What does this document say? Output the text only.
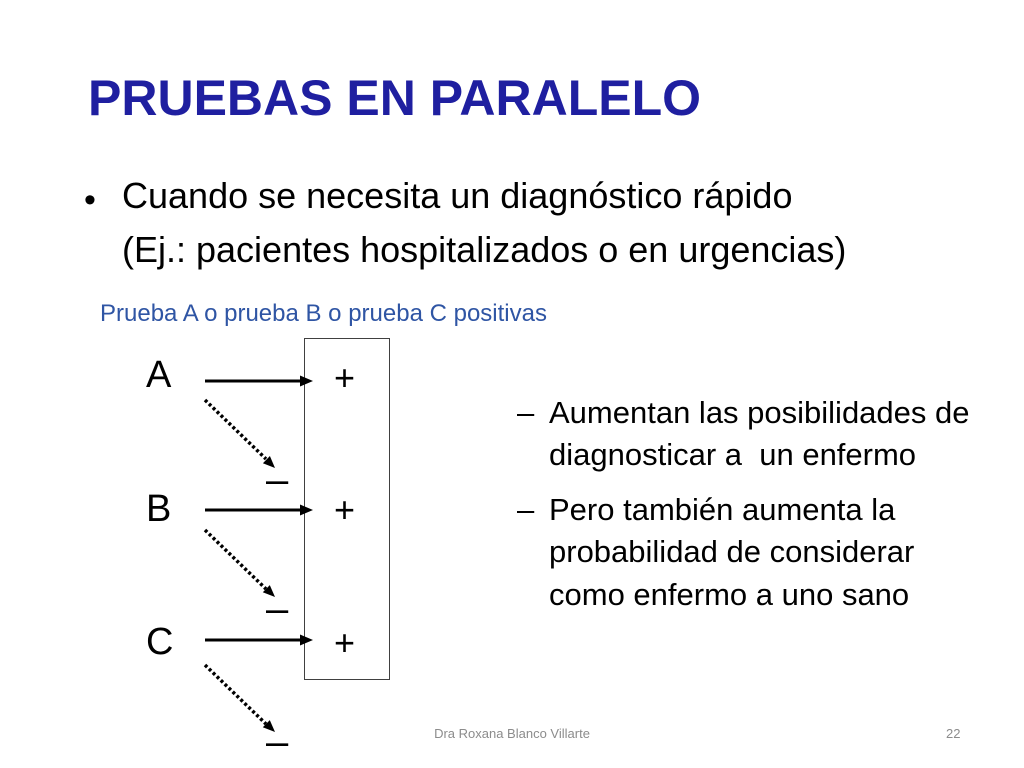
PRUEBAS EN PARALELO
• Cuando se necesita un diagnóstico rápido
(Ej.: pacientes hospitalizados o en urgencias)
Prueba A o prueba B o prueba C positivas
A	+
–
B	+
–
C	+
–
– Aumentan las posibilidades de
diagnosticar a  un enfermo
– Pero también aumenta la
probabilidad de considerar
como enfermo a uno sano
Dra Roxana Blanco Villarte	22
